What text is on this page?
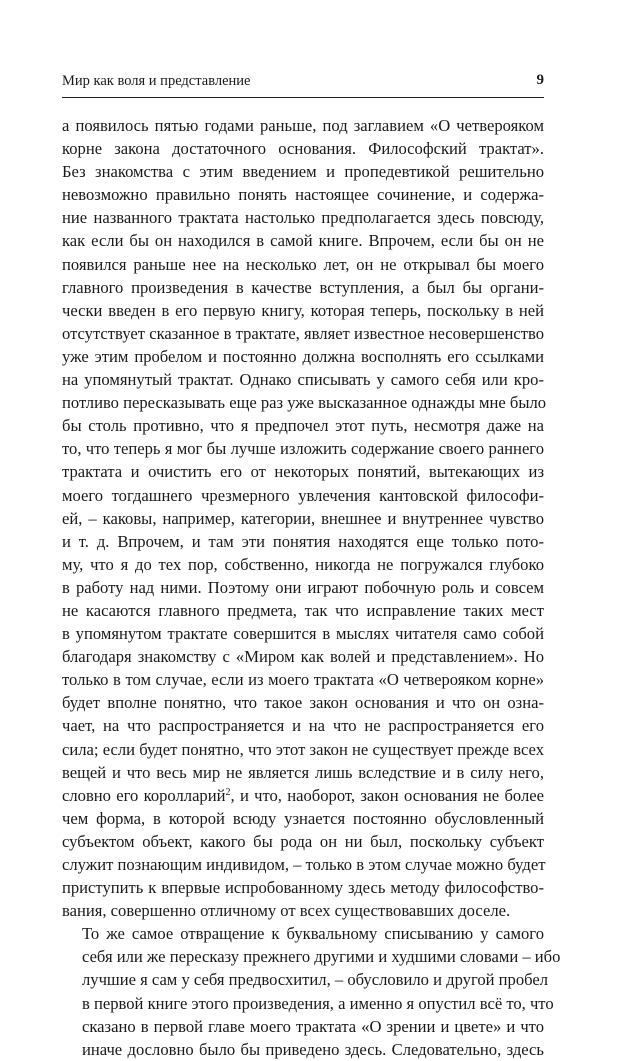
Мир как воля и представление	9

а появилось пятью годами раньше, под заглавием «О четверояком
корне закона достаточного основания. Философский трактат».
Без знакомства с этим введением и пропедевтикой решительно
невозможно правильно понять настоящее сочинение, и содержа-
ние названного трактата настолько предполагается здесь повсюду,
как если бы он находился в самой книге. Впрочем, если бы он не
появился раньше нее на несколько лет, он не открывал бы моего
главного произведения в качестве вступления, а был бы органи-
чески введен в его первую книгу, которая теперь, поскольку в ней
отсутствует сказанное в трактате, являет известное несовершенство
уже этим пробелом и постоянно должна восполнять его ссылками
на упомянутый трактат. Однако списывать у самого себя или кро-
потливо пересказывать еще раз уже высказанное однажды мне было
бы столь противно, что я предпочел этот путь, несмотря даже на
то, что теперь я мог бы лучше изложить содержание своего раннего
трактата и очистить его от некоторых понятий, вытекающих из
моего тогдашнего чрезмерного увлечения кантовской философи-
ей, – каковы, например, категории, внешнее и внутреннее чувство
и т. д. Впрочем, и там эти понятия находятся еще только пото-
му, что я до тех пор, собственно, никогда не погружался глубоко
в работу над ними. Поэтому они играют побочную роль и совсем
не касаются главного предмета, так что исправление таких мест
в упомянутом трактате совершится в мыслях читателя само собой
благодаря знакомству с «Миром как волей и представлением». Но
только в том случае, если из моего трактата «О четверояком корне»
будет вполне понятно, что такое закон основания и что он озна-
чает, на что распространяется и на что не распространяется его
сила; если будет понятно, что этот закон не существует прежде всех
вещей и что весь мир не является лишь вследствие и в силу него,
словно его королларий$^2$, и что, наоборот, закон основания не более
чем форма, в которой всюду узнается постоянно обусловленный
субъектом объект, какого бы рода он ни был, поскольку субъект
служит познающим индивидом, – только в этом случае можно будет
приступить к впервые испробованному здесь методу философство-
вания, совершенно отличному от всех существовавших доселе.

То же самое отвращение к буквальному списыванию у самого
себя или же пересказу прежнего другими и худшими словами – ибо
лучшие я сам у себя предвосхитил, – обусловило и другой пробел
в первой книге этого произведения, а именно я опустил всё то, что
сказано в первой главе моего трактата «О зрении и цвете» и что
иначе дословно было бы приведено здесь. Следовательно, здесь
